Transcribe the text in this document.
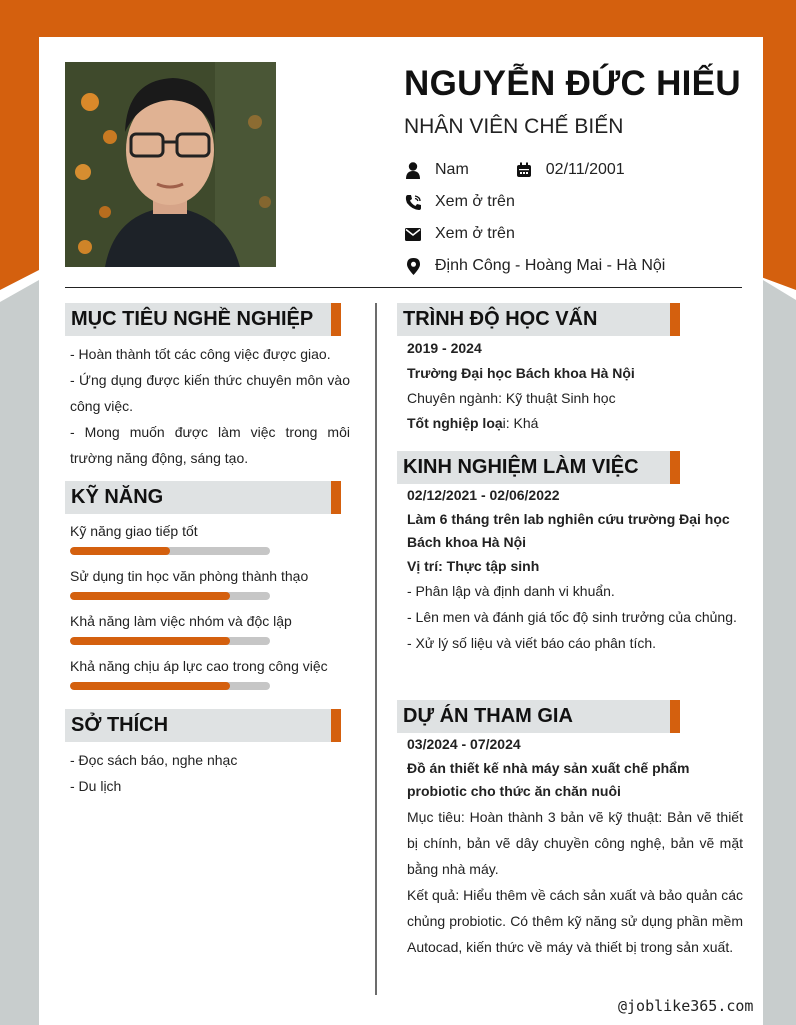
NGUYỄN ĐỨC HIẾU
NHÂN VIÊN CHẾ BIẾN
Nam	02/11/2001
Xem ở trên
Xem ở trên
Định Công - Hoàng Mai - Hà Nội
MỤC TIÊU NGHỀ NGHIỆP
- Hoàn thành tốt các công việc được giao.
- Ứng dụng được kiến thức chuyên môn vào công việc.
- Mong muốn được làm việc trong môi trường năng động, sáng tạo.
KỸ NĂNG
Kỹ năng giao tiếp tốt
Sử dụng tin học văn phòng thành thạo
Khả năng làm việc nhóm và độc lập
Khả năng chịu áp lực cao trong công việc
SỞ THÍCH
- Đọc sách báo, nghe nhạc
- Du lịch
TRÌNH ĐỘ HỌC VẤN
2019 - 2024
Trường Đại học Bách khoa Hà Nội
Chuyên ngành: Kỹ thuật Sinh học
Tốt nghiệp loại: Khá
KINH NGHIỆM LÀM VIỆC
02/12/2021 - 02/06/2022
Làm 6 tháng trên lab nghiên cứu trường Đại học Bách khoa Hà Nội
Vị trí: Thực tập sinh
- Phân lập và định danh vi khuẩn.
- Lên men và đánh giá tốc độ sinh trưởng của chủng.
- Xử lý số liệu và viết báo cáo phân tích.
DỰ ÁN THAM GIA
03/2024 - 07/2024
Đồ án thiết kế nhà máy sản xuất chế phẩm probiotic cho thức ăn chăn nuôi
Mục tiêu: Hoàn thành 3 bản vẽ kỹ thuật: Bản vẽ thiết bị chính, bản vẽ dây chuyền công nghệ, bản vẽ mặt bằng nhà máy.
Kết quả: Hiểu thêm về cách sản xuất và bảo quản các chủng probiotic. Có thêm kỹ năng sử dụng phần mềm Autocad, kiến thức về máy và thiết bị trong sản xuất.
@joblike365.com
